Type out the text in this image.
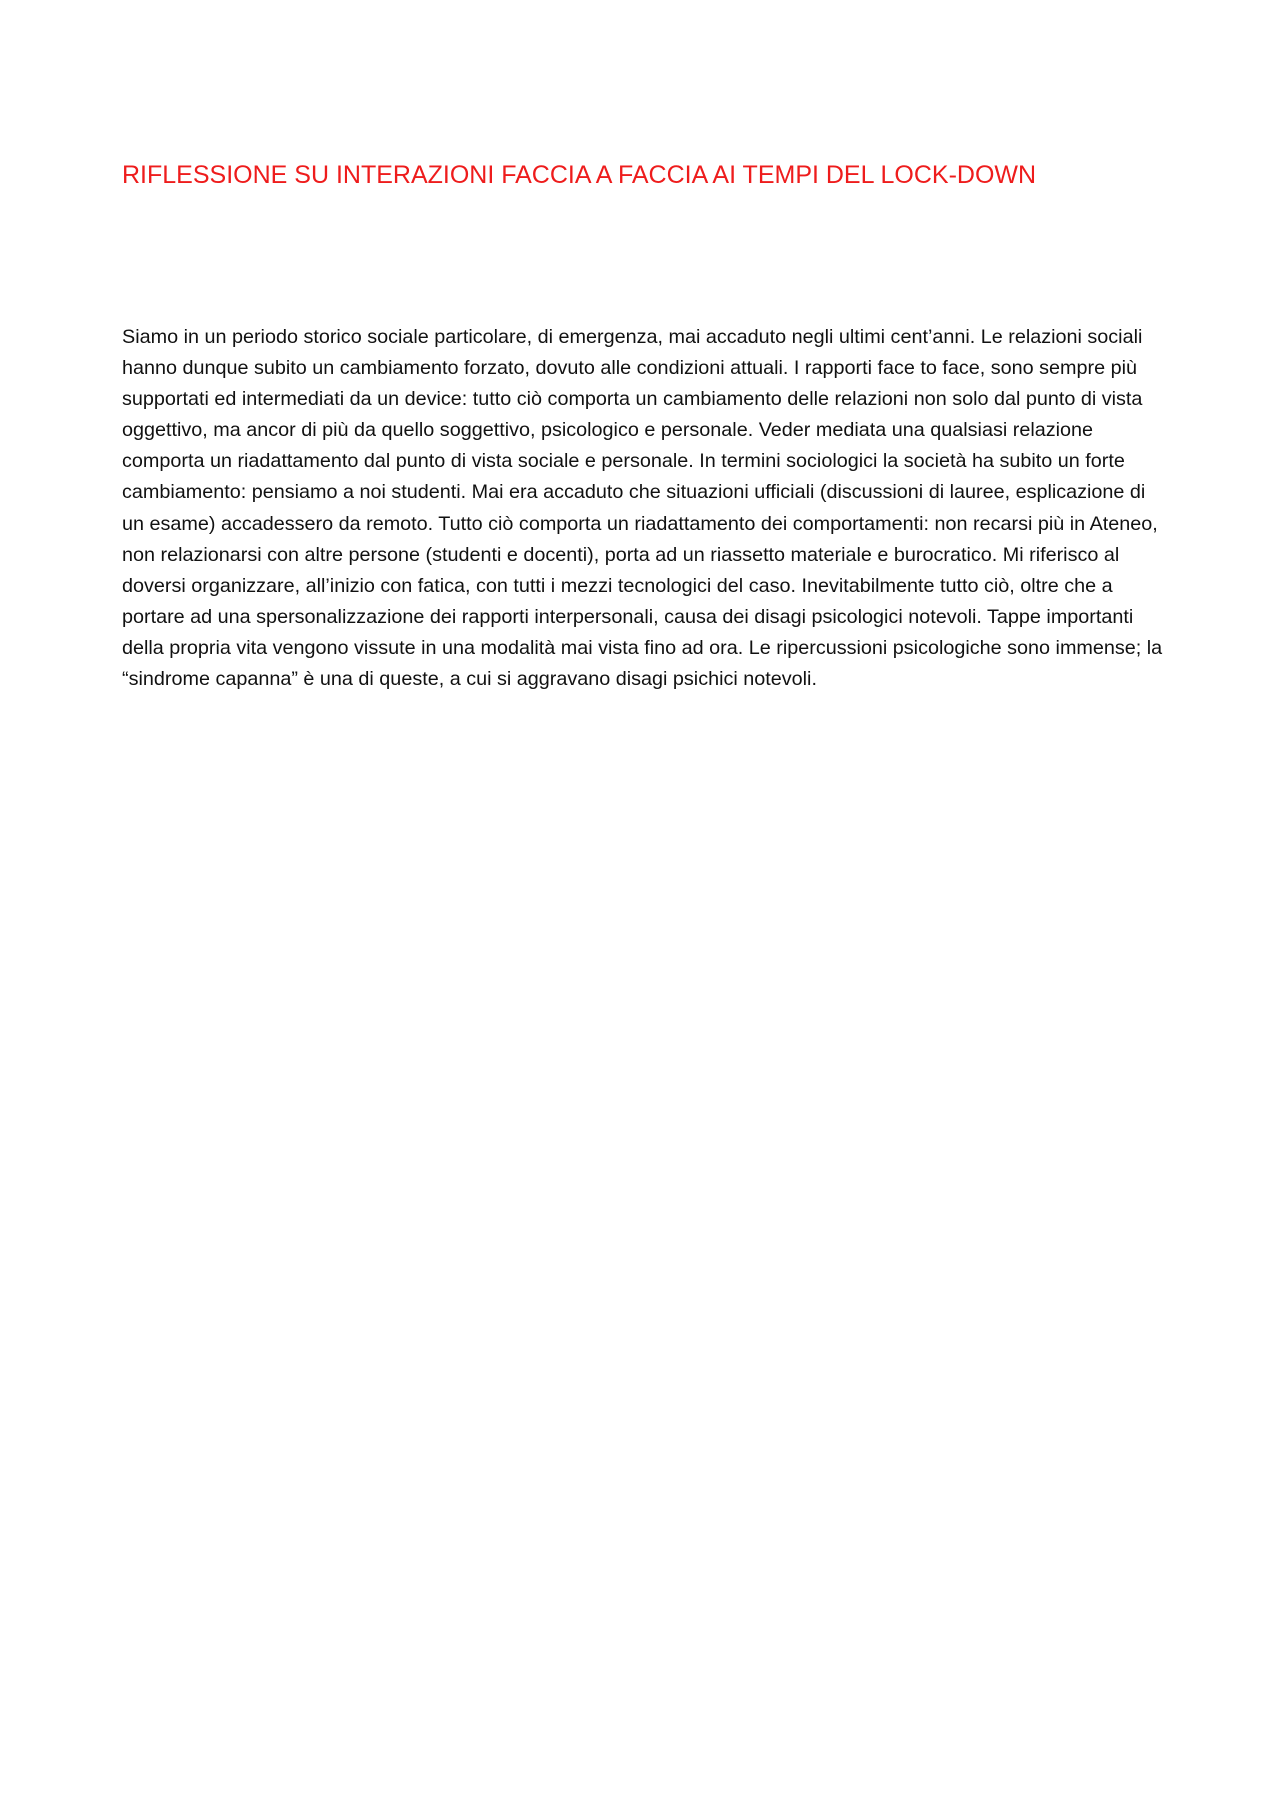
RIFLESSIONE SU INTERAZIONI FACCIA A FACCIA AI TEMPI DEL LOCK-DOWN

Siamo in un periodo storico sociale particolare, di emergenza, mai accaduto negli ultimi cent’anni. Le relazioni sociali hanno dunque subito un cambiamento forzato, dovuto alle condizioni attuali. I rapporti face to face, sono sempre più supportati ed intermediati da un device: tutto ciò comporta un cambiamento delle relazioni non solo dal punto di vista oggettivo, ma ancor di più da quello soggettivo, psicologico e personale. Veder mediata una qualsiasi relazione comporta un riadattamento dal punto di vista sociale e personale. In termini sociologici la società ha subito un forte cambiamento: pensiamo a noi studenti. Mai era accaduto che situazioni ufficiali (discussioni di lauree, esplicazione di un esame) accadessero da remoto. Tutto ciò comporta un riadattamento dei comportamenti: non recarsi più in Ateneo, non relazionarsi con altre persone (studenti e docenti), porta ad un riassetto materiale e burocratico. Mi riferisco al doversi organizzare, all’inizio con fatica, con tutti i mezzi tecnologici del caso. Inevitabilmente tutto ciò, oltre che a portare ad una spersonalizzazione dei rapporti interpersonali, causa dei disagi psicologici notevoli. Tappe importanti della propria vita vengono vissute in una modalità mai vista fino ad ora. Le ripercussioni psicologiche sono immense; la “sindrome capanna” è una di queste, a cui si aggravano disagi psichici notevoli.
